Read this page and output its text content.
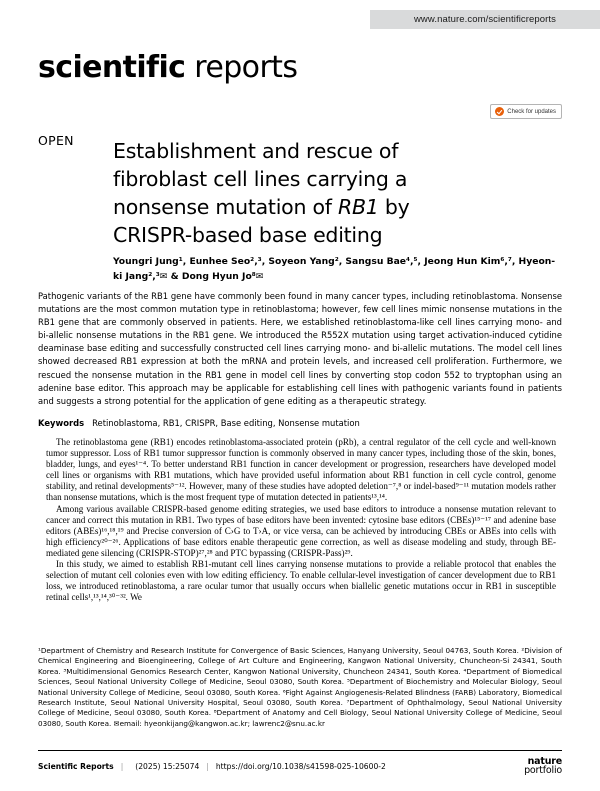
www.nature.com/scientificreports
scientific reports
Check for updates
OPEN Establishment and rescue of
fibroblast cell lines carrying a
nonsense mutation of RB1 by
CRISPR-based base editing
Youngri Jung¹, Eunhee Seo²,³, Soyeon Yang², Sangsu Bae⁴,⁵, Jeong Hun Kim⁶,⁷, Hyeon-ki Jang²,³✉ & Dong Hyun Jo⁸✉
Pathogenic variants of the RB1 gene have commonly been found in many cancer types, including retinoblastoma. Nonsense mutations are the most common mutation type in retinoblastoma; however, few cell lines mimic nonsense mutations in the RB1 gene that are commonly observed in patients. Here, we established retinoblastoma-like cell lines carrying mono- and bi-allelic nonsense mutations in the RB1 gene. We introduced the R552X mutation using target activation-induced cytidine deaminase base editing and successfully constructed cell lines carrying mono- and bi-allelic mutations. The model cell lines showed decreased RB1 expression at both the mRNA and protein levels, and increased cell proliferation. Furthermore, we rescued the nonsense mutation in the RB1 gene in model cell lines by converting stop codon 552 to tryptophan using an adenine base editor. This approach may be applicable for establishing cell lines with pathogenic variants found in patients and suggests a strong potential for the application of gene editing as a therapeutic strategy.
Keywords Retinoblastoma, RB1, CRISPR, Base editing, Nonsense mutation

The retinoblastoma gene (RB1) encodes retinoblastoma-associated protein (pRb), a central regulator of the cell cycle and well-known tumor suppressor. Loss of RB1 tumor suppressor function is commonly observed in many cancer types, including those of the skin, bones, bladder, lungs, and eyes¹⁻⁴. To better understand RB1 function in cancer development or progression, researchers have developed model cell lines or organisms with RB1 mutations, which have provided useful information about RB1 function in cell cycle control, genome stability, and retinal developments⁵⁻¹². However, many of these studies have adopted deletion⁻⁷,⁸ or indel-based⁹⁻¹¹ mutation models rather than nonsense mutations, which is the most frequent type of mutation detected in patients¹³,¹⁴.

Among various available CRISPR-based genome editing strategies, we used base editors to introduce a nonsense mutation relevant to cancer and correct this mutation in RB1. Two types of base editors have been invented: cytosine base editors (CBEs)¹⁵⁻¹⁷ and adenine base editors (ABEs)¹⁶,¹⁸,¹⁹ and Precise conversion of C›G to T›A, or vice versa, can be achieved by introducing CBEs or ABEs into cells with high efficiency²⁰⁻²⁶. Applications of base editors enable therapeutic gene correction, as well as disease modeling and study, through BE-mediated gene silencing (CRISPR-STOP)²⁷,²⁸ and PTC bypassing (CRISPR-Pass)²⁹.

In this study, we aimed to establish RB1-mutant cell lines carrying nonsense mutations to provide a reliable protocol that enables the selection of mutant cell colonies even with low editing efficiency. To enable cellular-level investigation of cancer development due to RB1 loss, we introduced retinoblastoma, a rare ocular tumor that usually occurs when biallelic genetic mutations occur in RB1 in susceptible retinal cells¹,¹³,¹⁴,³⁰⁻³². We

¹Department of Chemistry and Research Institute for Convergence of Basic Sciences, Hanyang University, Seoul 04763, South Korea. ²Division of Chemical Engineering and Bioengineering, College of Art Culture and Engineering, Kangwon National University, Chuncheon-Si 24341, South Korea. ³Multidimensional Genomics Research Center, Kangwon National University, Chuncheon 24341, South Korea. ⁴Department of Biomedical Sciences, Seoul National University College of Medicine, Seoul 03080, South Korea. ⁵Department of Biochemistry and Molecular Biology, Seoul National University College of Medicine, Seoul 03080, South Korea. ⁶Fight Against Angiogenesis-Related Blindness (FARB) Laboratory, Biomedical Research Institute, Seoul National University Hospital, Seoul 03080, South Korea. ⁷Department of Ophthalmology, Seoul National University College of Medicine, Seoul 03080, South Korea. ⁸Department of Anatomy and Cell Biology, Seoul National University College of Medicine, Seoul 03080, South Korea. ✉email: hyeonkijang@kangwon.ac.kr; lawrenc2@snu.ac.kr
Scientific Reports | (2025) 15:25074 | https://doi.org/10.1038/s41598-025-10600-2	nature
portfolio
